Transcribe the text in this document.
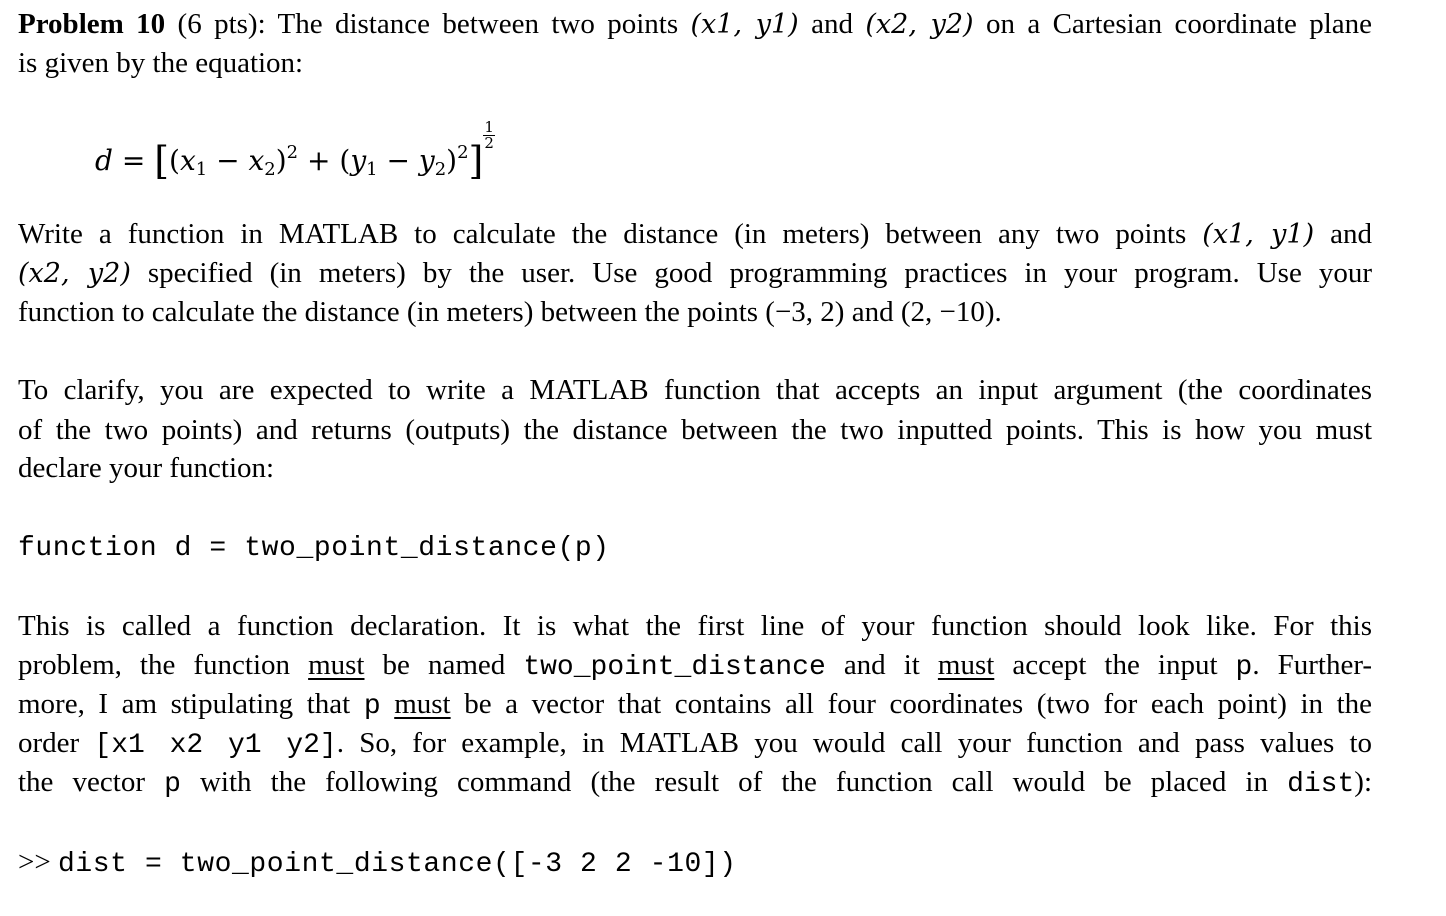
Problem 10 (6 pts): The distance between two points (x1, y1) and (x2, y2) on a Cartesian coordinate plane
is given by the equation:
$d = [(x_1 - x_2)^2 + (y_1 - y_2)^2]$
$\frac{1}{2}$
Write a function in MATLAB to calculate the distance (in meters) between any two points (x1, y1) and
(x2, y2) specified (in meters) by the user. Use good programming practices in your program. Use your
function to calculate the distance (in meters) between the points (−3, 2) and (2, −10).
To clarify, you are expected to write a MATLAB function that accepts an input argument (the coordinates
of the two points) and returns (outputs) the distance between the two inputted points. This is how you must
declare your function:
function d = two_point_distance(p)
This is called a function declaration. It is what the first line of your function should look like. For this
problem, the function must be named two_point_distance and it must accept the input p. Further-
more, I am stipulating that p must be a vector that contains all four coordinates (two for each point) in the
order [x1 x2 y1 y2]. So, for example, in MATLAB you would call your function and pass values to
the vector p with the following command (the result of the function call would be placed in dist):
>> dist = two_point_distance([-3 2 2 -10])
